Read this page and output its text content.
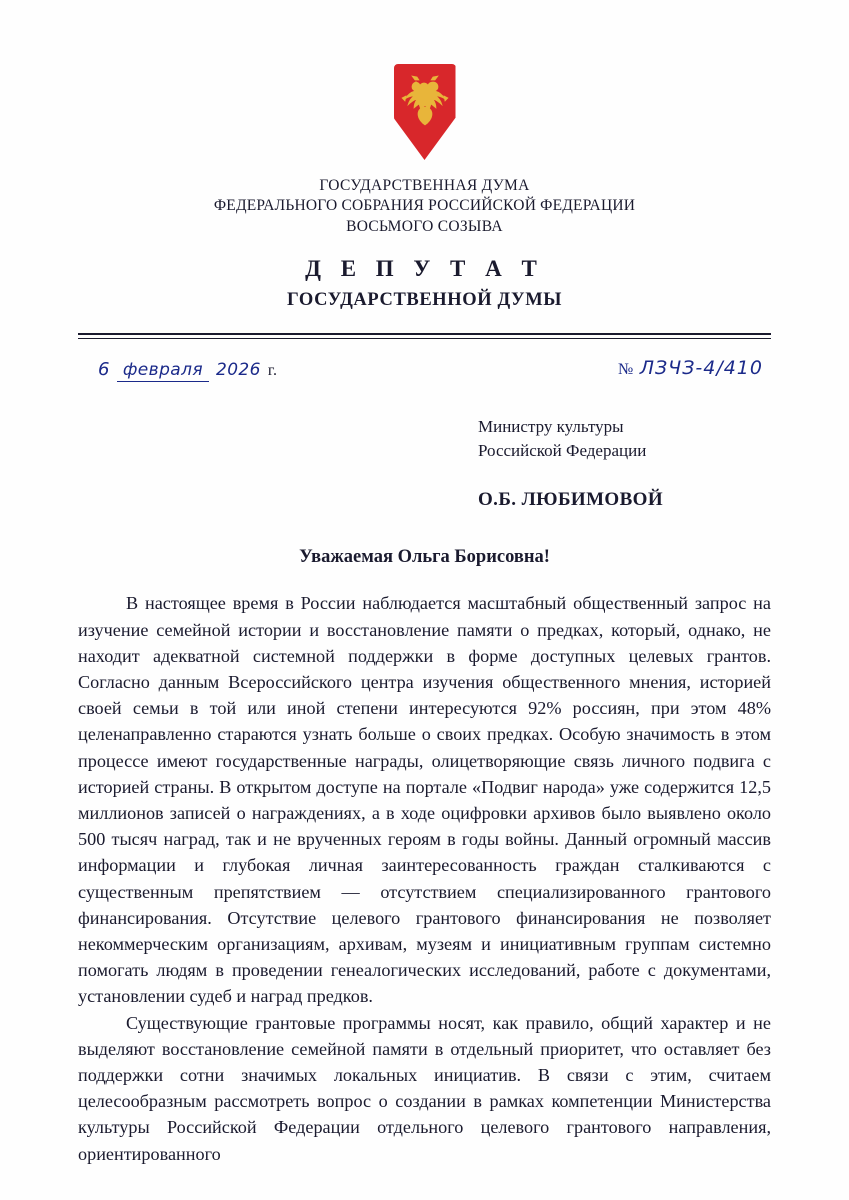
ГОСУДАРСТВЕННАЯ ДУМА
ФЕДЕРАЛЬНОГО СОБРАНИЯ РОССИЙСКОЙ ФЕДЕРАЦИИ
ВОСЬМОГО СОЗЫВА
Д Е П У Т А Т
ГОСУДАРСТВЕННОЙ ДУМЫ
6 февраля 2026 г.	№ ЛЗЧЗ-4/410
Министру культуры
Российской Федерации
О.Б. ЛЮБИМОВОЙ
Уважаемая Ольга Борисовна!

В настоящее время в России наблюдается масштабный общественный запрос на изучение семейной истории и восстановление памяти о предках, который, однако, не находит адекватной системной поддержки в форме доступных целевых грантов. Согласно данным Всероссийского центра изучения общественного мнения, историей своей семьи в той или иной степени интересуются 92% россиян, при этом 48% целенаправленно стараются узнать больше о своих предках. Особую значимость в этом процессе имеют государственные награды, олицетворяющие связь личного подвига с историей страны. В открытом доступе на портале «Подвиг народа» уже содержится 12,5 миллионов записей о награждениях, а в ходе оцифровки архивов было выявлено около 500 тысяч наград, так и не врученных героям в годы войны. Данный огромный массив информации и глубокая личная заинтересованность граждан сталкиваются с существенным препятствием — отсутствием специализированного грантового финансирования. Отсутствие целевого грантового финансирования не позволяет некоммерческим организациям, архивам, музеям и инициативным группам системно помогать людям в проведении генеалогических исследований, работе с документами, установлении судеб и наград предков.

Существующие грантовые программы носят, как правило, общий характер и не выделяют восстановление семейной памяти в отдельный приоритет, что оставляет без поддержки сотни значимых локальных инициатив. В связи с этим, считаем целесообразным рассмотреть вопрос о создании в рамках компетенции Министерства культуры Российской Федерации отдельного целевого грантового направления, ориентированного
